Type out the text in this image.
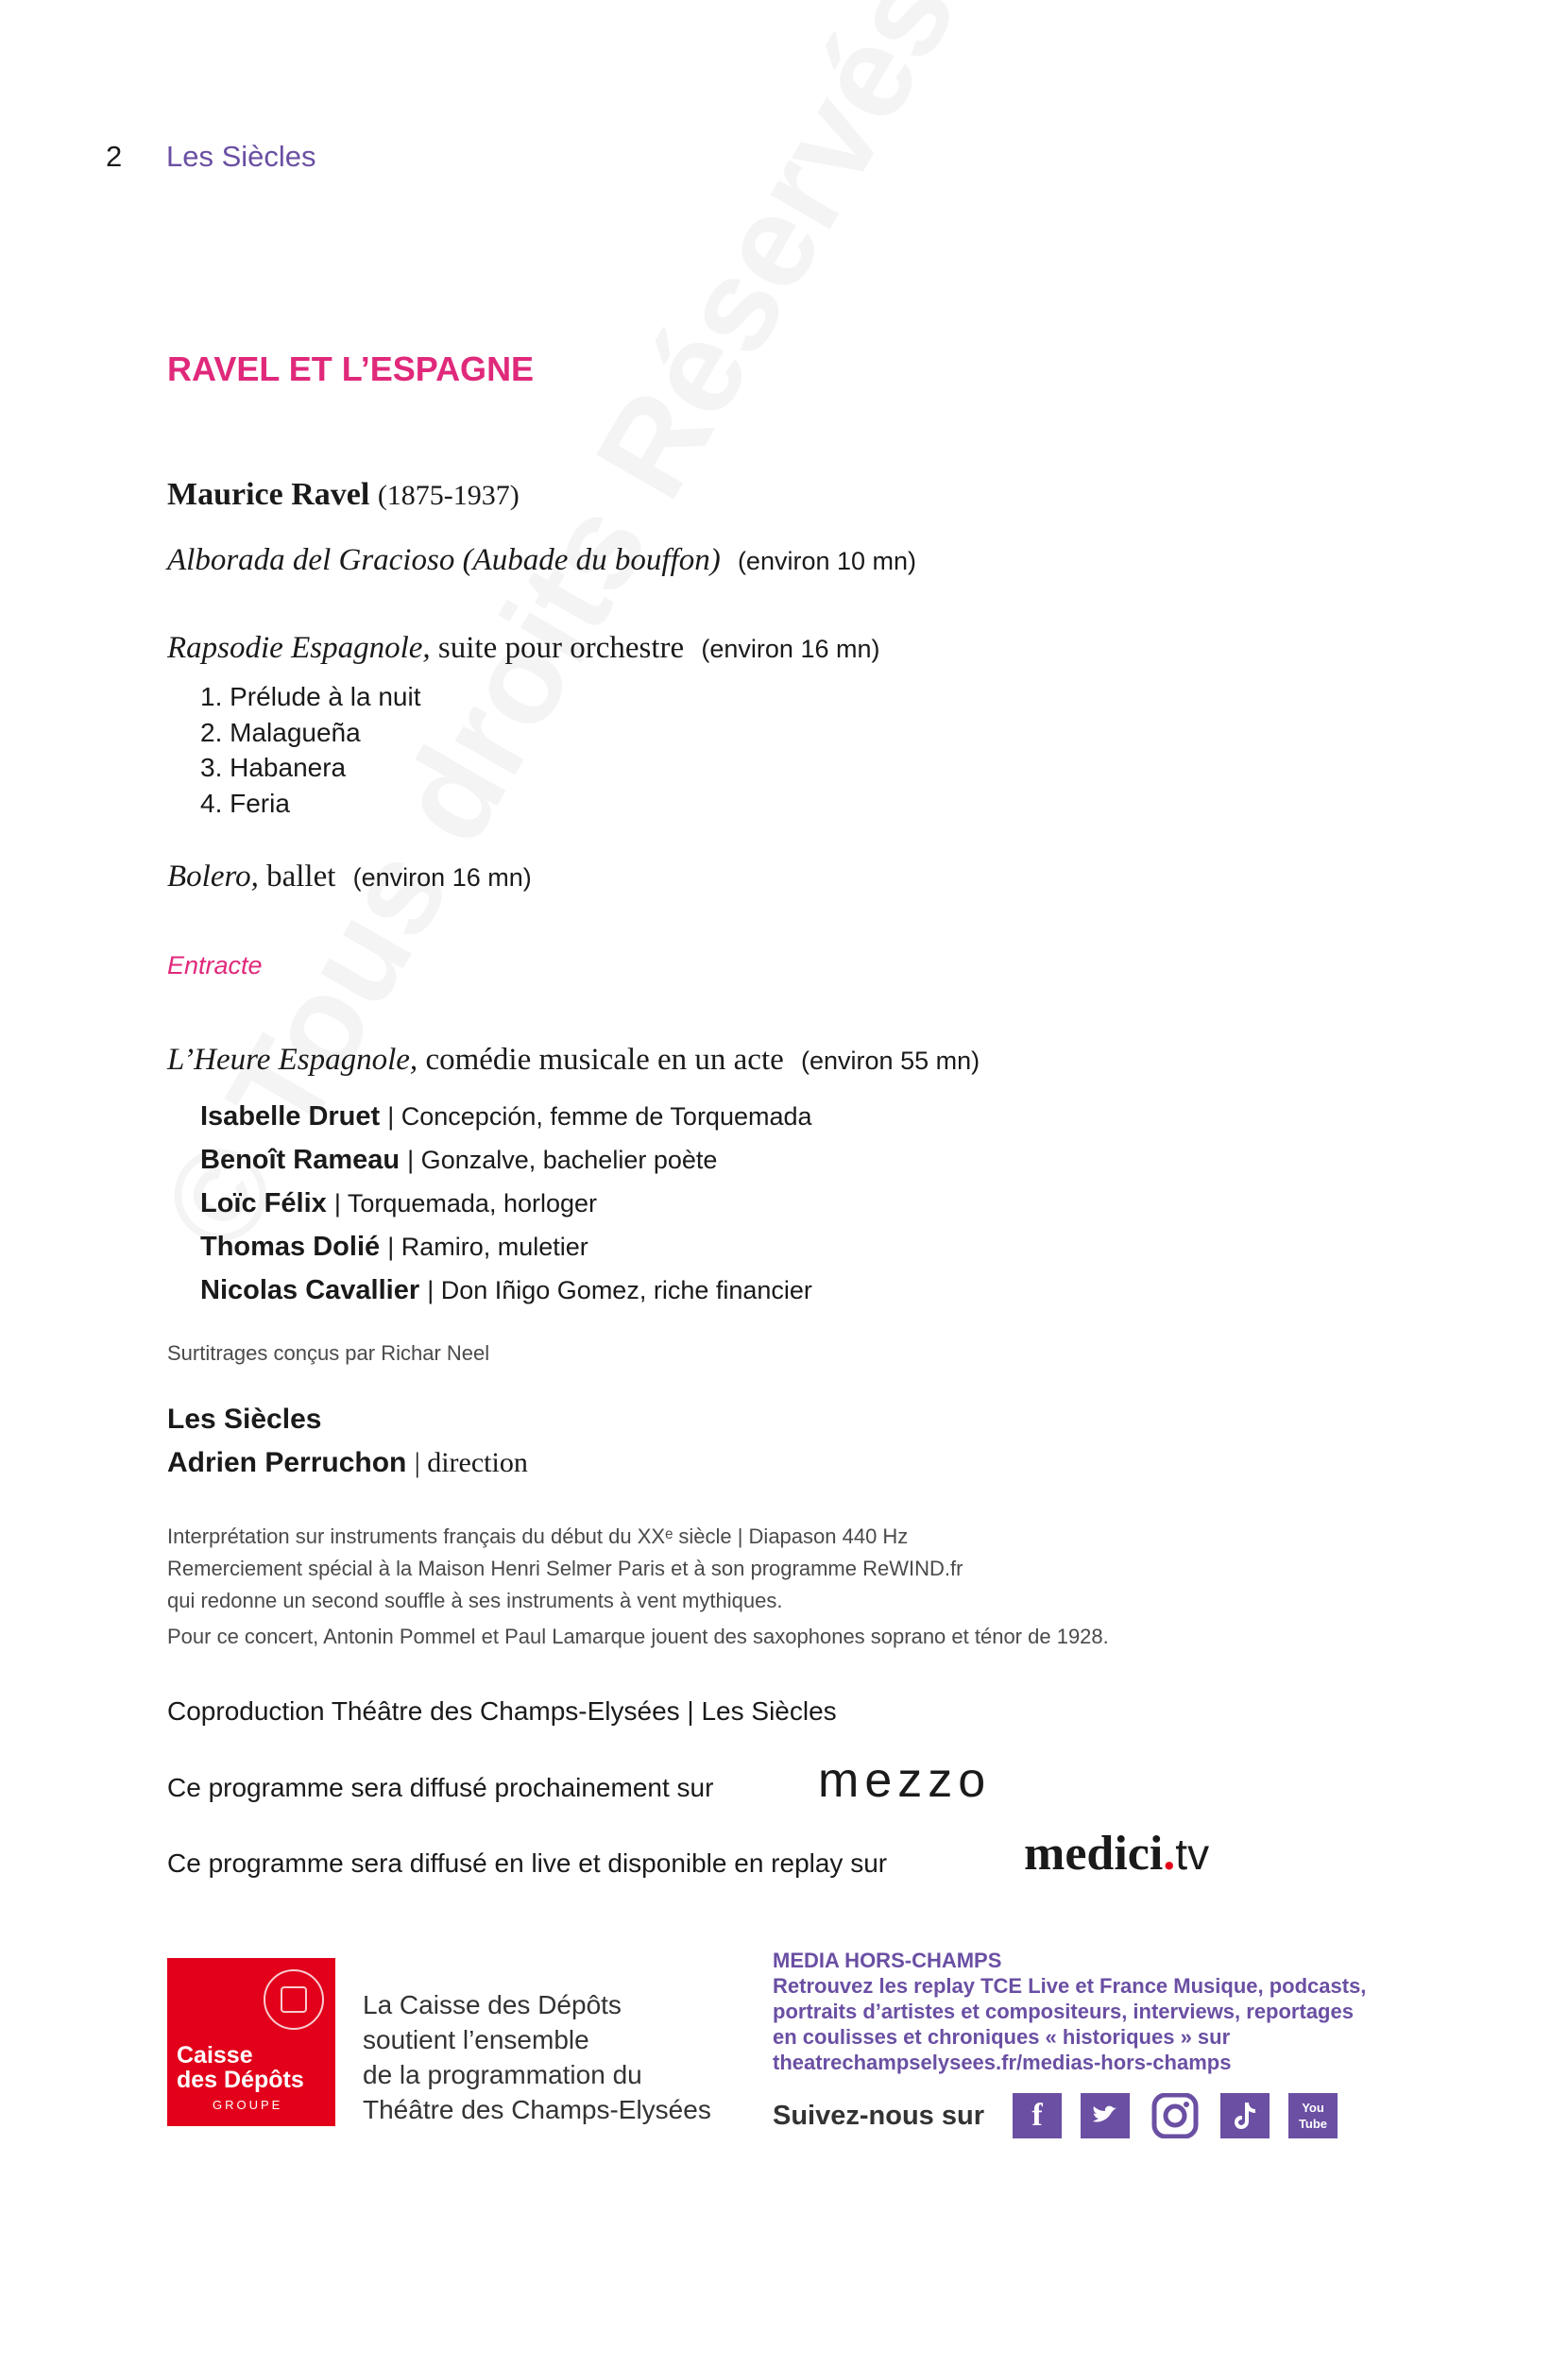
2 Les Siècles
RAVEL ET L’ESPAGNE
Maurice Ravel (1875-1937)
Alborada del Gracioso (Aubade du bouffon) (environ 10 mn)
Rapsodie Espagnole, suite pour orchestre (environ 16 mn)
1. Prélude à la nuit
2. Malagueña
3. Habanera
4. Feria
Bolero, ballet (environ 16 mn)
Entracte
L’Heure Espagnole, comédie musicale en un acte (environ 55 mn)
Isabelle Druet | Concepción, femme de Torquemada
Benoît Rameau | Gonzalve, bachelier poète
Loïc Félix | Torquemada, horloger
Thomas Dolié | Ramiro, muletier
Nicolas Cavallier | Don Iñigo Gomez, riche financier
Surtitrages conçus par Richar Neel
Les Siècles
Adrien Perruchon | direction
Interprétation sur instruments français du début du XXᵉ siècle | Diapason 440 Hz
Remerciement spécial à la Maison Henri Selmer Paris et à son programme ReWIND.fr
qui redonne un second souffle à ses instruments à vent mythiques.
Pour ce concert, Antonin Pommel et Paul Lamarque jouent des saxophones soprano et ténor de 1928.
Coproduction Théâtre des Champs-Elysées | Les Siècles
Ce programme sera diffusé prochainement sur mezzo
Ce programme sera diffusé en live et disponible en replay sur	medici.tv
Caisse
des Dépôts
GROUPE
La Caisse des Dépôts
soutient l’ensemble
de la programmation du
Théâtre des Champs-Elysées
MEDIA HORS-CHAMPS
Retrouvez les replay TCE Live et France Musique, podcasts,
portraits d’artistes et compositeurs, interviews, reportages
en coulisses et chroniques « historiques » sur
theatrechampselysees.fr/medias-hors-champs
Suivez-nous sur	f	You
Tube
